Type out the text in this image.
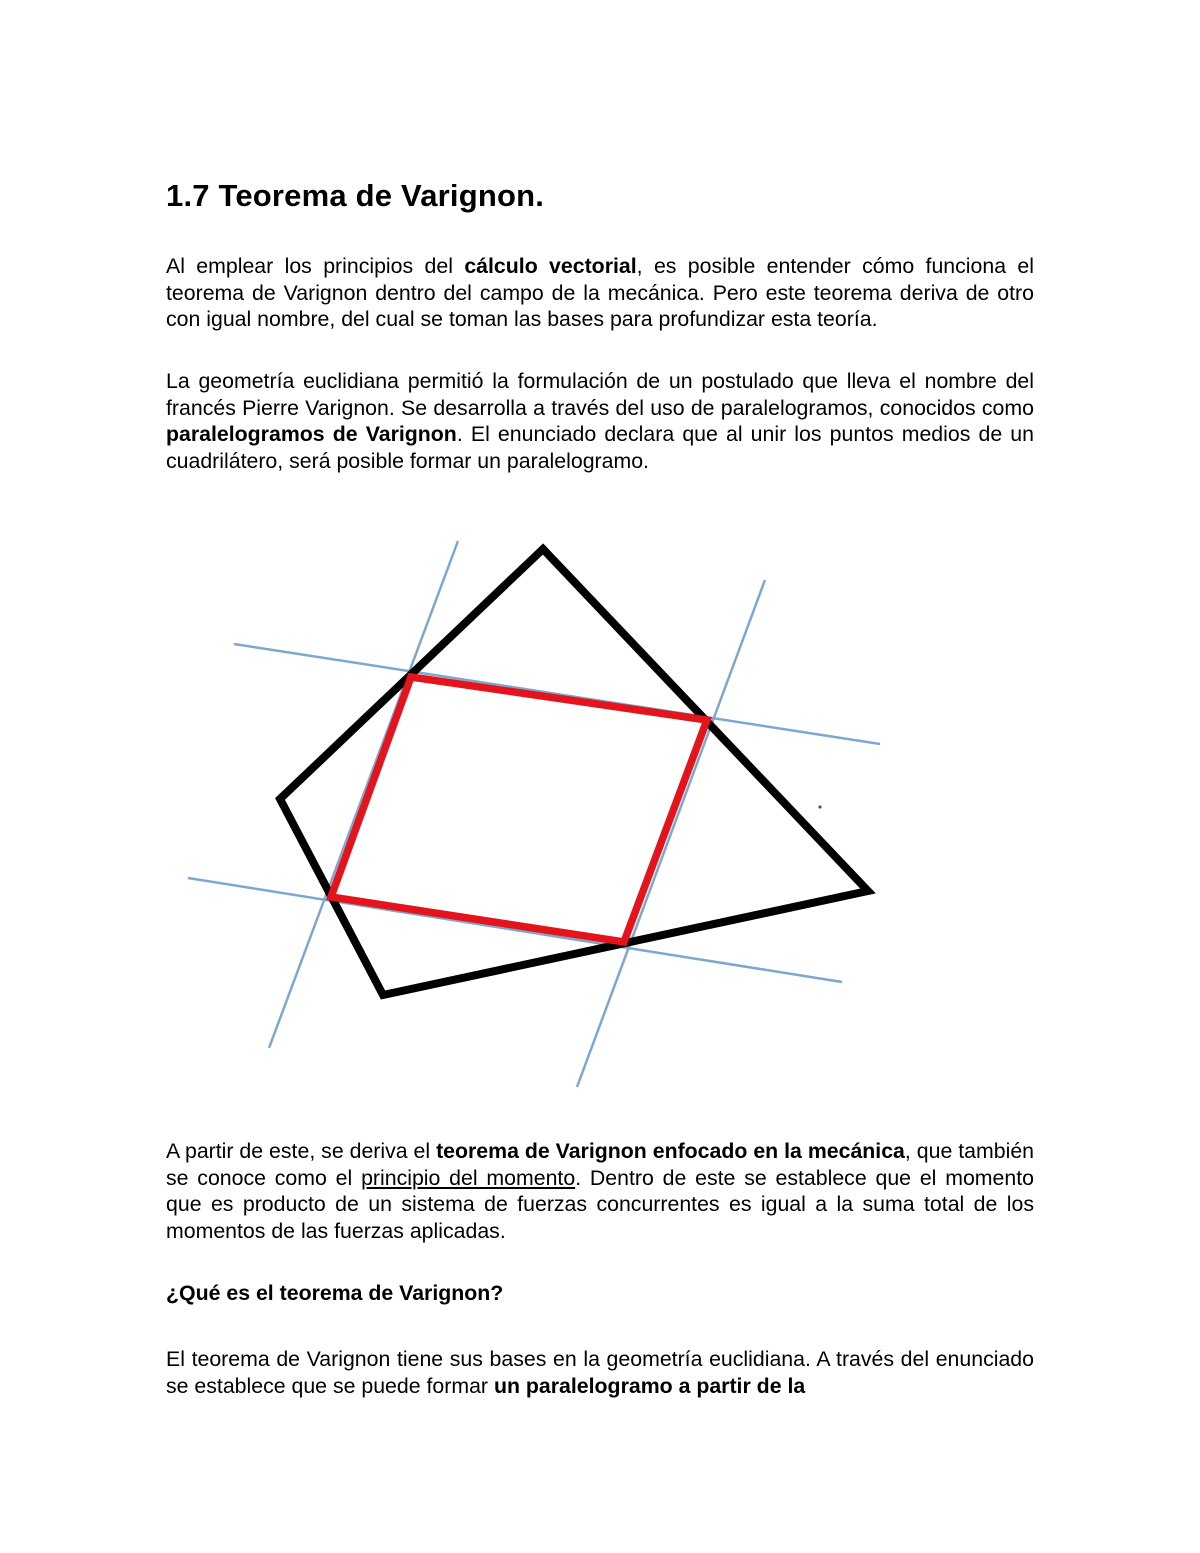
1.7 Teorema de Varignon.

Al emplear los principios del cálculo vectorial, es posible entender cómo funciona el teorema de Varignon dentro del campo de la mecánica. Pero este teorema deriva de otro con igual nombre, del cual se toman las bases para profundizar esta teoría.

La geometría euclidiana permitió la formulación de un postulado que lleva el nombre del francés Pierre Varignon. Se desarrolla a través del uso de paralelogramos, conocidos como paralelogramos de Varignon. El enunciado declara que al unir los puntos medios de un cuadrilátero, será posible formar un paralelogramo.

A partir de este, se deriva el teorema de Varignon enfocado en la mecánica, que también se conoce como el principio del momento. Dentro de este se establece que el momento que es producto de un sistema de fuerzas concurrentes es igual a la suma total de los momentos de las fuerzas aplicadas.

¿Qué es el teorema de Varignon?

El teorema de Varignon tiene sus bases en la geometría euclidiana. A través del enunciado se establece que se puede formar un paralelogramo a partir de la
